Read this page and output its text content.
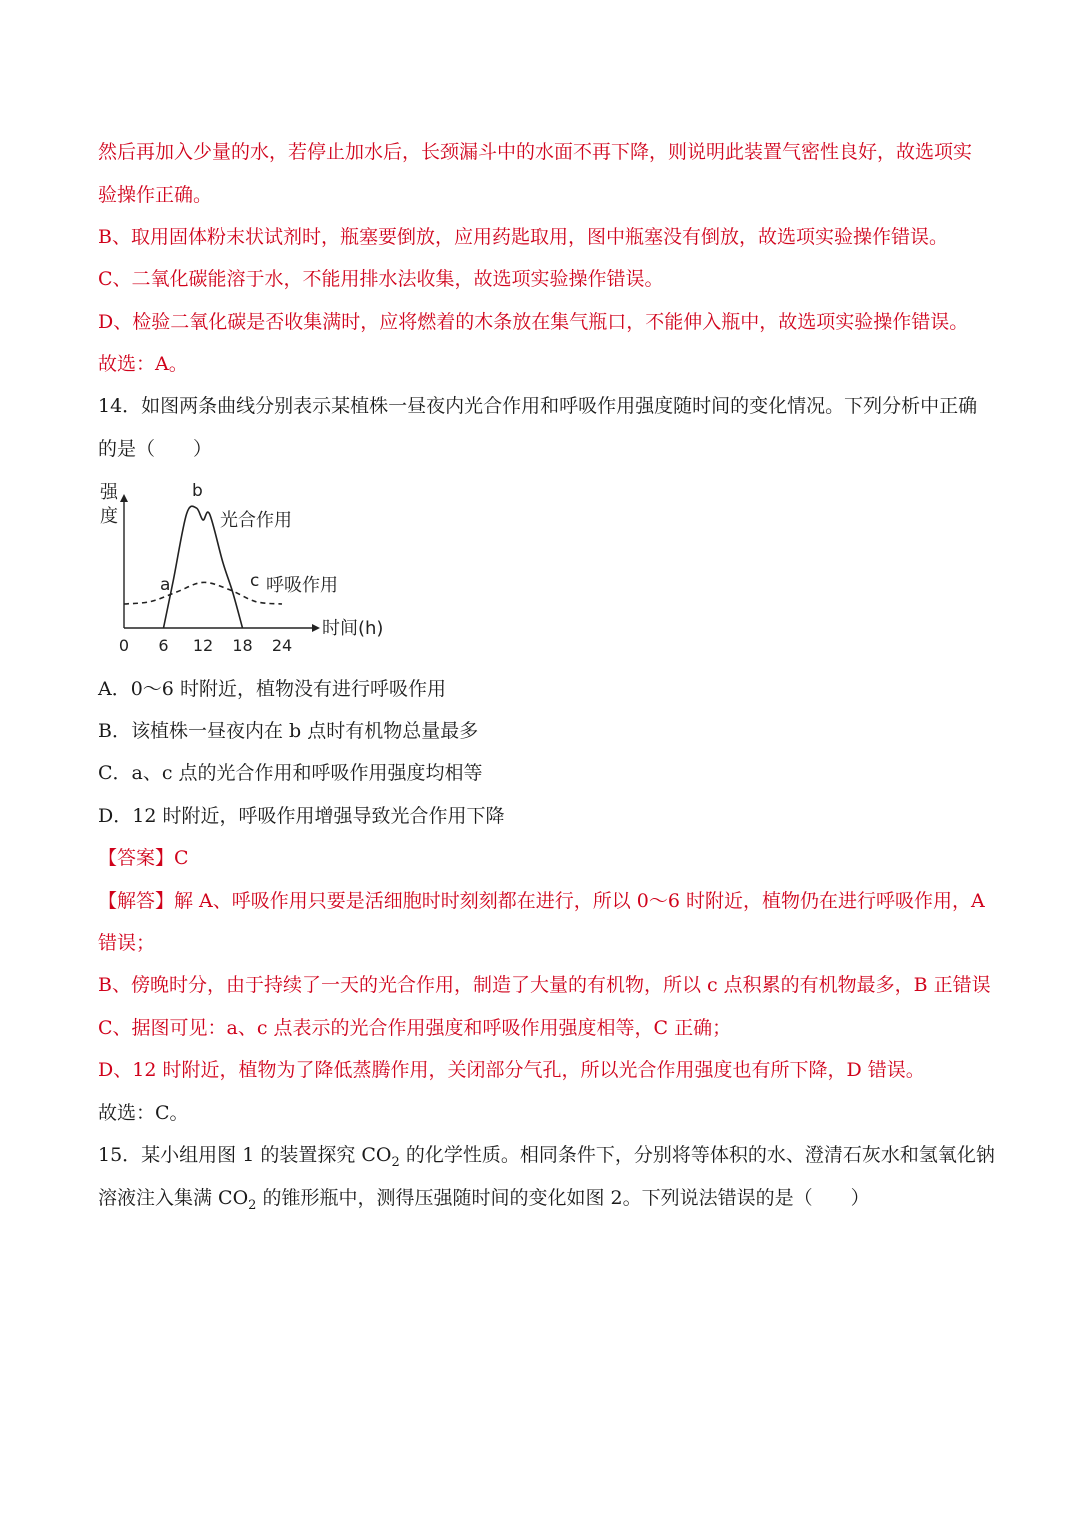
然后再加入少量的水，若停止加水后，长颈漏斗中的水面不再下降，则说明此装置气密性良好，故选项实
验操作正确。
B、取用固体粉末状试剂时，瓶塞要倒放，应用药匙取用，图中瓶塞没有倒放，故选项实验操作错误。
C、二氧化碳能溶于水，不能用排水法收集，故选项实验操作错误。
D、检验二氧化碳是否收集满时，应将燃着的木条放在集气瓶口，不能伸入瓶中，故选项实验操作错误。
故选：A。
14．如图两条曲线分别表示某植株一昼夜内光合作用和呼吸作用强度随时间的变化情况。下列分析中正确
的是（　　）
强
度
时间(h)
0 6 12 18 24
光合作用
呼吸作用
a
b
c
A．0～6 时附近，植物没有进行呼吸作用
B．该植株一昼夜内在 b 点时有机物总量最多
C．a、c 点的光合作用和呼吸作用强度均相等
D．12 时附近，呼吸作用增强导致光合作用下降
【答案】C
【解答】解 A、呼吸作用只要是活细胞时时刻刻都在进行，所以 0～6 时附近，植物仍在进行呼吸作用，A
错误；
B、傍晚时分，由于持续了一天的光合作用，制造了大量的有机物，所以 c 点积累的有机物最多，B 正错误
C、据图可见：a、c 点表示的光合作用强度和呼吸作用强度相等，C 正确；
D、12 时附近，植物为了降低蒸腾作用，关闭部分气孔，所以光合作用强度也有所下降，D 错误。
故选：C。
15．某小组用图 1 的装置探究 $CO_2$ 的化学性质。相同条件下，分别将等体积的水、澄清石灰水和氢氧化钠
溶液注入集满 $CO_2$ 的锥形瓶中，测得压强随时间的变化如图 2。下列说法错误的是（　　）
